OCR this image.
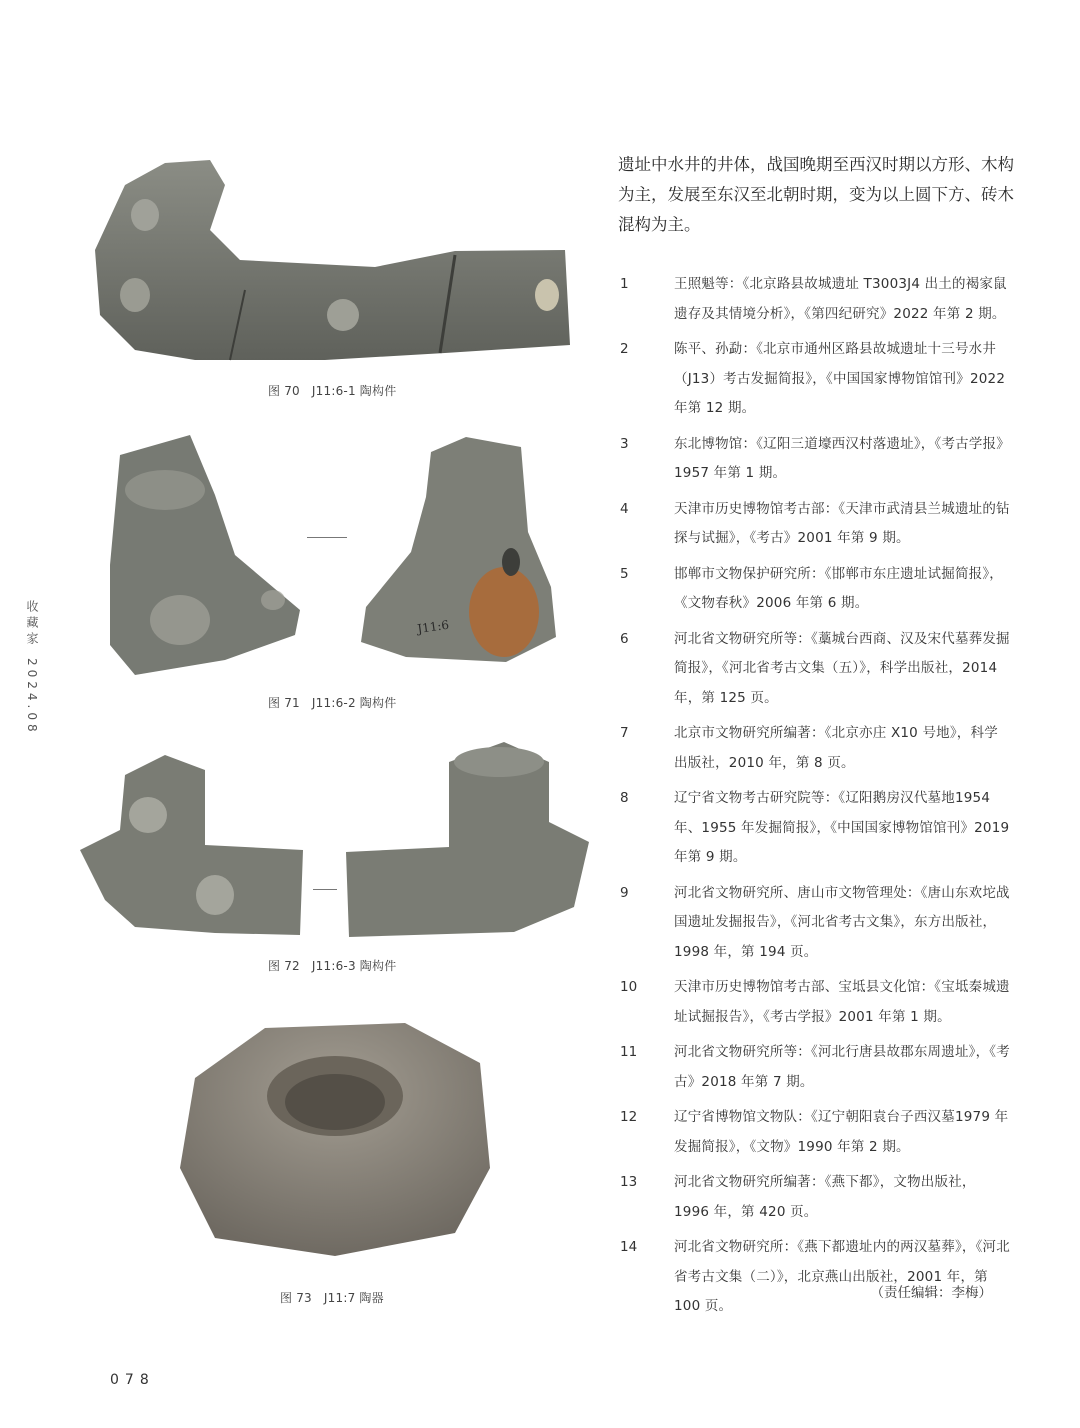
收藏家2024.08
图 70   J11:6-1 陶构件
J11:6
图 71   J11:6-2 陶构件
图 72   J11:6-3 陶构件
图 73   J11:7 陶器

遗址中水井的井体，战国晚期至西汉时期以方形、木构为主，发展至东汉至北朝时期，变为以上圆下方、砖木混构为主。

1	王照魁等：《北京路县故城遗址 T3003J4 出土的褐家鼠遗存及其情境分析》，《第四纪研究》2022 年第 2 期。
2	陈平、孙勐：《北京市通州区路县故城遗址十三号水井（J13）考古发掘简报》，《中国国家博物馆馆刊》2022 年第 12 期。
3	东北博物馆：《辽阳三道壕西汉村落遗址》，《考古学报》1957 年第 1 期。
4	天津市历史博物馆考古部：《天津市武清县兰城遗址的钻探与试掘》，《考古》2001 年第 9 期。
5	邯郸市文物保护研究所：《邯郸市东庄遗址试掘简报》，《文物春秋》2006 年第 6 期。
6	河北省文物研究所等：《藁城台西商、汉及宋代墓葬发掘简报》，《河北省考古文集（五）》，科学出版社，2014 年，第 125 页。
7	北京市文物研究所编著：《北京亦庄 X10 号地》，科学出版社，2010 年，第 8 页。
8	辽宁省文物考古研究院等：《辽阳鹅房汉代墓地1954 年、1955 年发掘简报》，《中国国家博物馆馆刊》2019 年第 9 期。
9	河北省文物研究所、唐山市文物管理处：《唐山东欢坨战国遗址发掘报告》，《河北省考古文集》，东方出版社，1998 年，第 194 页。
10	天津市历史博物馆考古部、宝坻县文化馆：《宝坻秦城遗址试掘报告》，《考古学报》2001 年第 1 期。
11	河北省文物研究所等：《河北行唐县故郡东周遗址》，《考古》2018 年第 7 期。
12	辽宁省博物馆文物队：《辽宁朝阳袁台子西汉墓1979 年发掘简报》，《文物》1990 年第 2 期。
13	河北省文物研究所编著：《燕下都》，文物出版社，1996 年，第 420 页。
14	河北省文物研究所：《燕下都遗址内的两汉墓葬》，《河北省考古文集（二）》，北京燕山出版社，2001 年，第 100 页。
（责任编辑：李梅）
078
